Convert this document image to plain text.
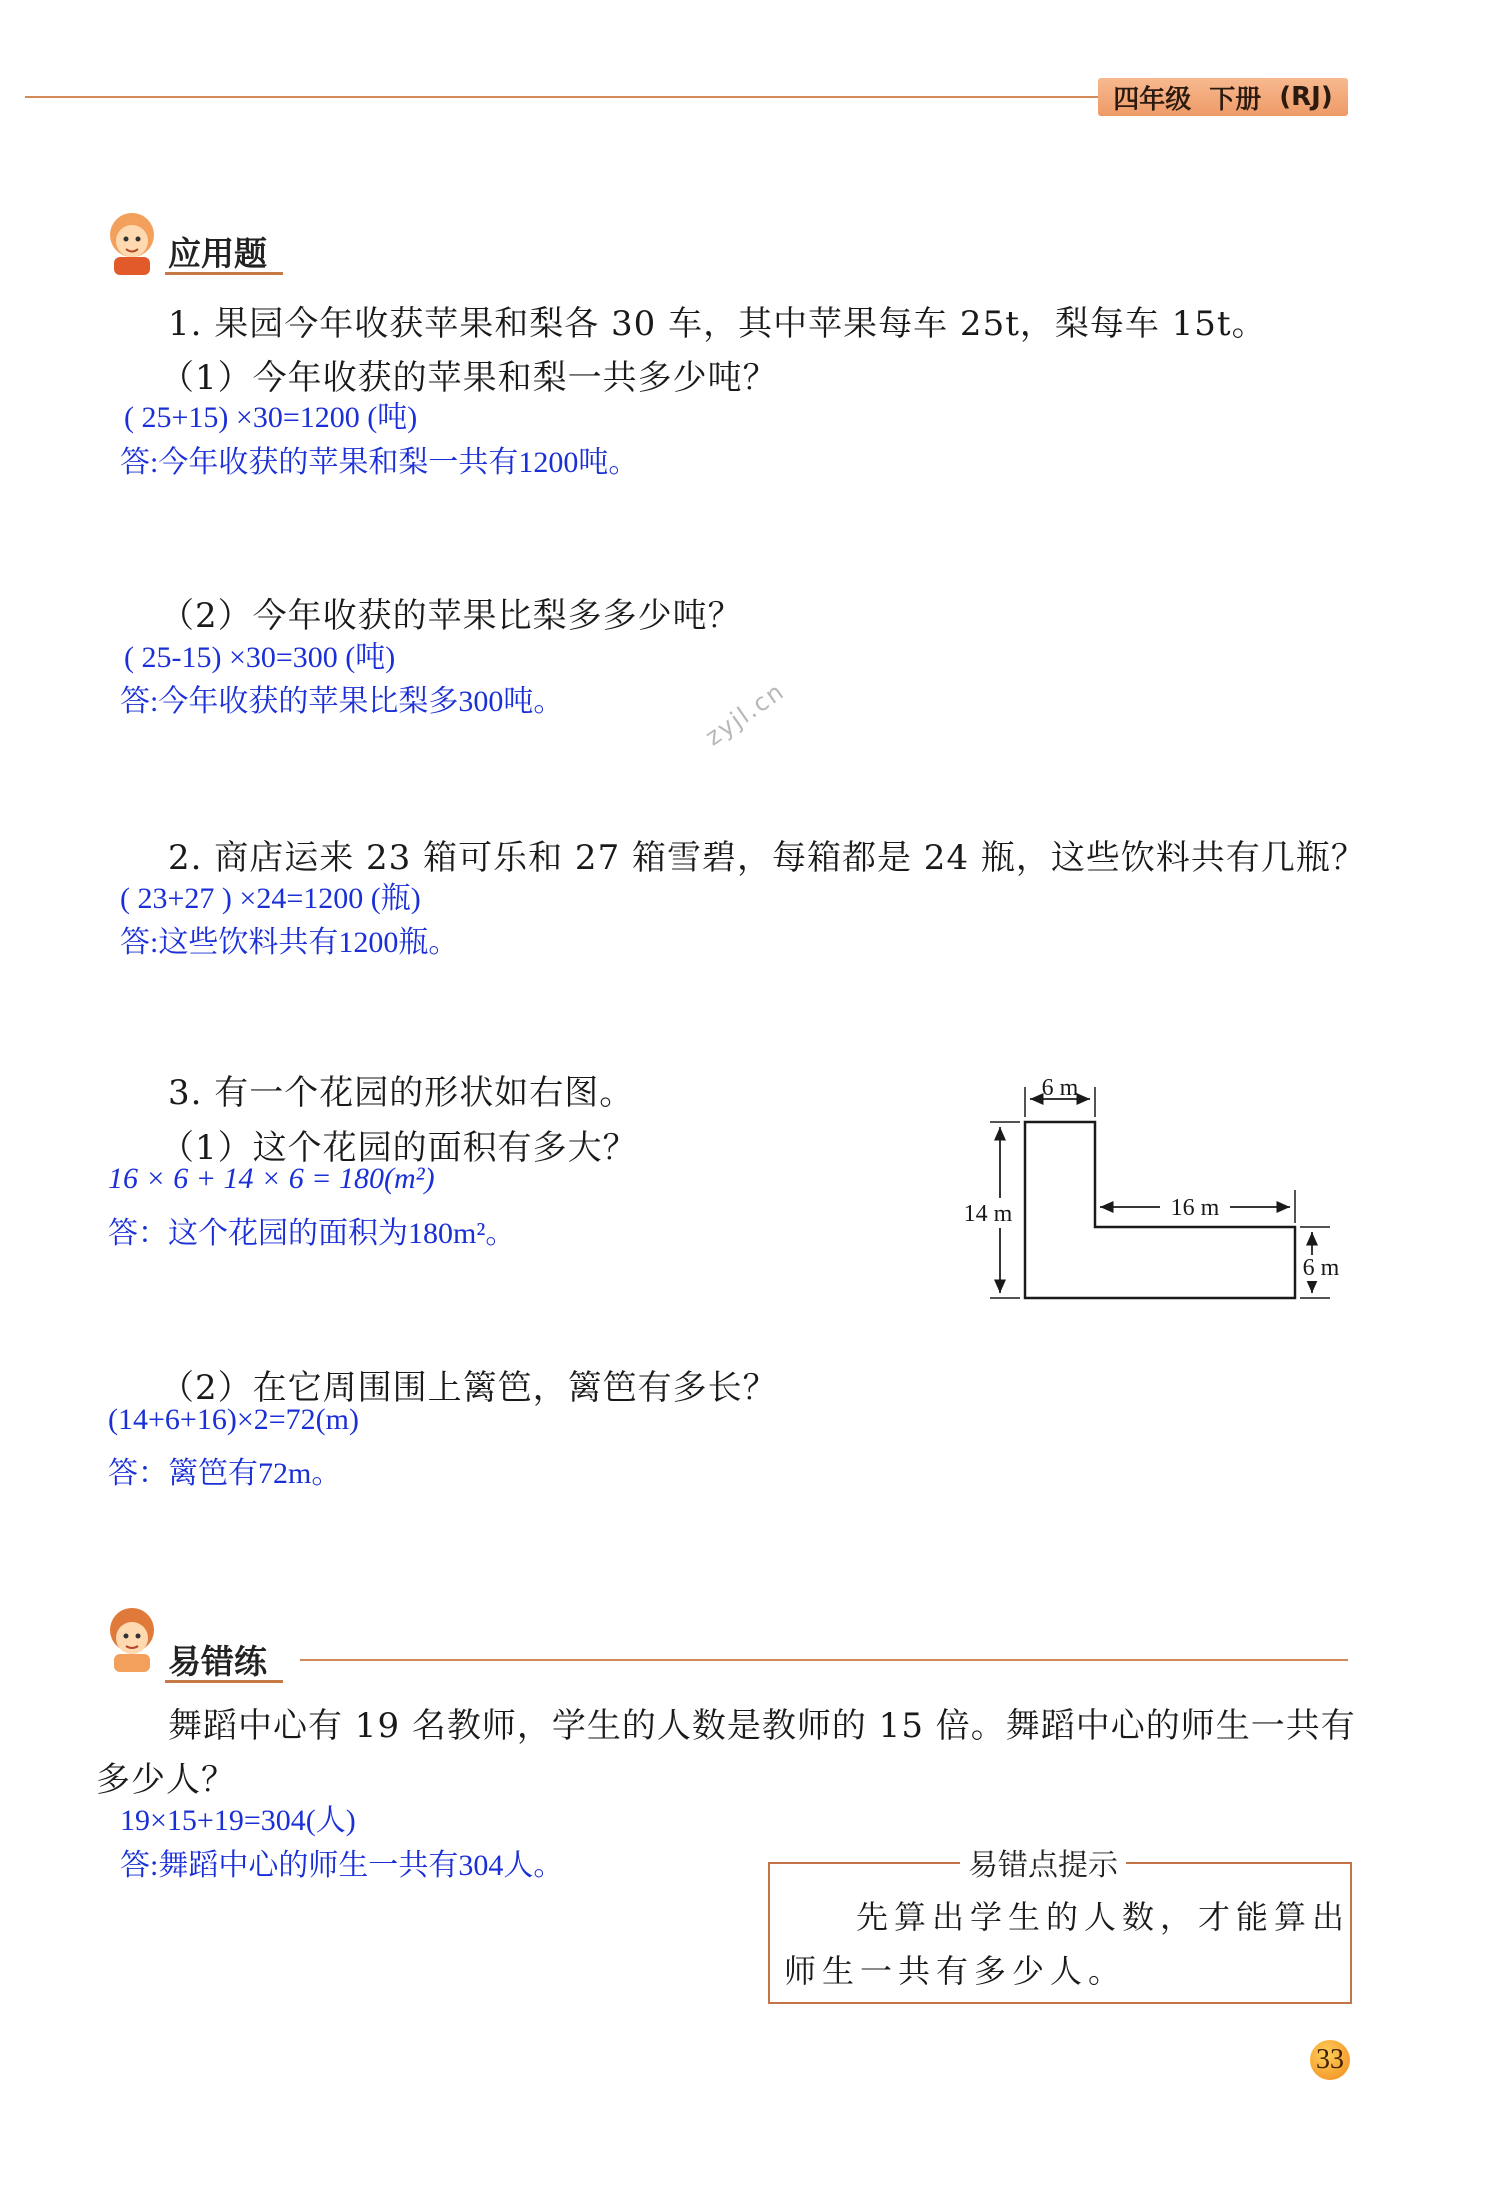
四年级 下册 (RJ)
应用题
1. 果园今年收获苹果和梨各 30 车，其中苹果每车 25t，梨每车 15t。
（1）今年收获的苹果和梨一共多少吨？
( 25+15) ×30=1200 (吨)
答:今年收获的苹果和梨一共有1200吨。
（2）今年收获的苹果比梨多多少吨？
( 25-15) ×30=300 (吨)
答:今年收获的苹果比梨多300吨。	zyjl.cn
2. 商店运来 23 箱可乐和 27 箱雪碧，每箱都是 24 瓶，这些饮料共有几瓶？
( 23+27 ) ×24=1200 (瓶)
答:这些饮料共有1200瓶。
3. 有一个花园的形状如右图。
（1）这个花园的面积有多大？
16 × 6 + 14 × 6 = 180(m²)
答：这个花园的面积为180m²。
6 m
14 m	16 m
6 m
（2）在它周围围上篱笆，篱笆有多长？
(14+6+16)×2=72(m)
答：篱笆有72m。
易错练
舞蹈中心有 19 名教师，学生的人数是教师的 15 倍。舞蹈中心的师生一共有
多少人？
19×15+19=304(人)
答:舞蹈中心的师生一共有304人。	易错点提示
先算出学生的人数，才能算出
师生一共有多少人。
33
